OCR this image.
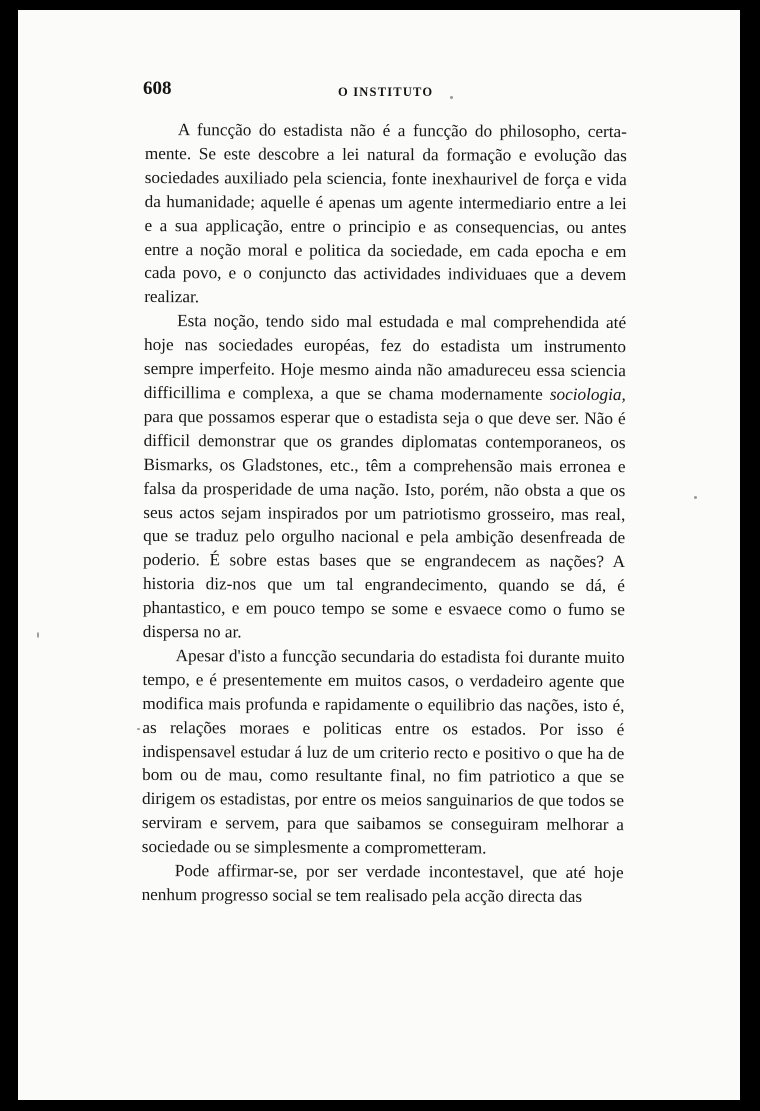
608	O INSTITUTO

A funcção do estadista não é a funcção do philosopho, certamente. Se este descobre a lei natural da formação e evolução das sociedades auxiliado pela sciencia, fonte inexhaurivel de força e vida da humanidade; aquelle é apenas um agente intermediario entre a lei e a sua applicação, entre o principio e as consequencias, ou antes entre a noção moral e politica da sociedade, em cada epocha e em cada povo, e o conjuncto das actividades individuaes que a devem realizar.

Esta noção, tendo sido mal estudada e mal comprehendida até hoje nas sociedades européas, fez do estadista um instrumento sempre imperfeito. Hoje mesmo ainda não amadureceu essa sciencia difficillima e complexa, a que se chama modernamente sociologia, para que possamos esperar que o estadista seja o que deve ser. Não é difficil demonstrar que os grandes diplomatas contemporaneos, os Bismarks, os Gladstones, etc., têm a comprehensão mais erronea e falsa da prosperidade de uma nação. Isto, porém, não obsta a que os seus actos sejam inspirados por um patriotismo grosseiro, mas real, que se traduz pelo orgulho nacional e pela ambição desenfreada de poderio. É sobre estas bases que se engrandecem as nações? A historia diz-nos que um tal engrandecimento, quando se dá, é phantastico, e em pouco tempo se some e esvaece como o fumo se dispersa no ar.

Apesar d'isto a funcção secundaria do estadista foi durante muito tempo, e é presentemente em muitos casos, o verdadeiro agente que modifica mais profunda e rapidamente o equilibrio das nações, isto é, as relações moraes e politicas entre os estados. Por isso é indispensavel estudar á luz de um criterio recto e positivo o que ha de bom ou de mau, como resultante final, no fim patriotico a que se dirigem os estadistas, por entre os meios sanguinarios de que todos se serviram e servem, para que saibamos se conseguiram melhorar a sociedade ou se simplesmente a comprometteram.

Pode affirmar-se, por ser verdade incontestavel, que até hoje nenhum progresso social se tem realisado pela acção directa das
